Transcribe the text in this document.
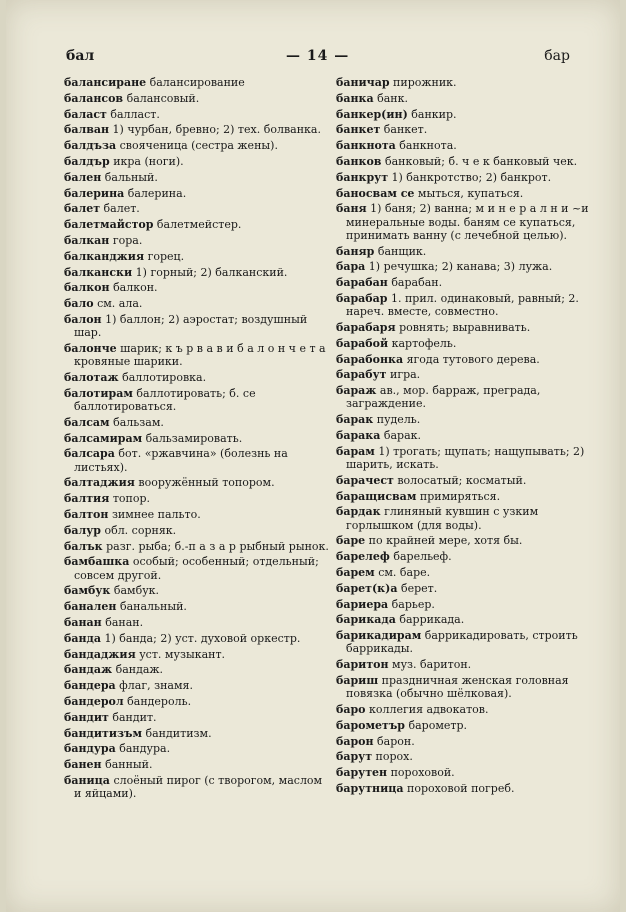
бал	— 14 —	бар

балансиране балансирование

балансов балансовый.

баласт балласт.

балван 1) чурбан, бревно; 2) тех. болванка.

балдъза свояченица (сестра жены).

балдър икра (ноги).

бален бальный.

балерина балерина.

балет балет.

балетмайстор балетмейстер.

балкан гора.

балканджия горец.

балкански 1) горный; 2) балканский.

балкон балкон.

бало см. ала.

балон 1) баллон; 2) аэростат; воздушный шар.

балонче шарик; к ъ р в а в и б а л о н ч е т а кровяные шарики.

балотаж баллотировка.

балотирам баллотировать; б. се баллотироваться.

балсам бальзам.

балсамирам бальзамировать.

балсара бот. «ржавчина» (болезнь на листьях).

балтаджия вооружённый топором.

балтия топор.

балтон зимнее пальто.

балур обл. сорняк.

балък разг. рыба; б.-п а з а р рыбный рынок.

бамбашка особый; особенный; отдельный; совсем другой.

бамбук бамбук.

банален банальный.

банан банан.

банда 1) банда; 2) уст. духовой оркестр.

бандаджия уст. музыкант.

бандаж бандаж.

бандера флаг, знамя.

бандерол бандероль.

бандит бандит.

бандитизъм бандитизм.

бандура бандура.

банен банный.

баница слоёный пирог (с творогом, маслом и яйцами).

баничар пирожник.

банка банк.

банкер(ин) банкир.

банкет банкет.

банкнота банкнота.

банков банковый; б. ч е к банковый чек.

банкрут 1) банкротство; 2) банкрот.

баносвам се мыться, купаться.

баня 1) баня; 2) ванна; м и н е р а л н и ~и минеральные воды. баням се купаться, принимать ванну (с лечебной целью).

баняр банщик.

бара 1) речушка; 2) канава; 3) лужа.

барабан барабан.

барабар 1. прил. одинаковый, равный; 2. нареч. вместе, совместно.

барабаря ровнять; выравнивать.

барабой картофель.

барабонка ягода тутового дерева.

барабут игра.

бараж ав., мор. барраж, преграда, заграждение.

барак пудель.

барака барак.

барам 1) трогать; щупать; нащупывать; 2) шарить, искать.

барачест волосатый; косматый.

баращисвам примиряться.

бардак глиняный кувшин с узким горлышком (для воды).

баре по крайней мере, хотя бы.

барелеф барельеф.

барем см. баре.

барет(к)а берет.

бариера барьер.

барикада баррикада.

барикадирам баррикадировать, строить баррикады.

баритон муз. баритон.

бариш праздничная женская головная повязка (обычно шёлковая).

баро коллегия адвокатов.

барометър барометр.

барон барон.

барут порох.

барутен пороховой.

барутница пороховой погреб.
